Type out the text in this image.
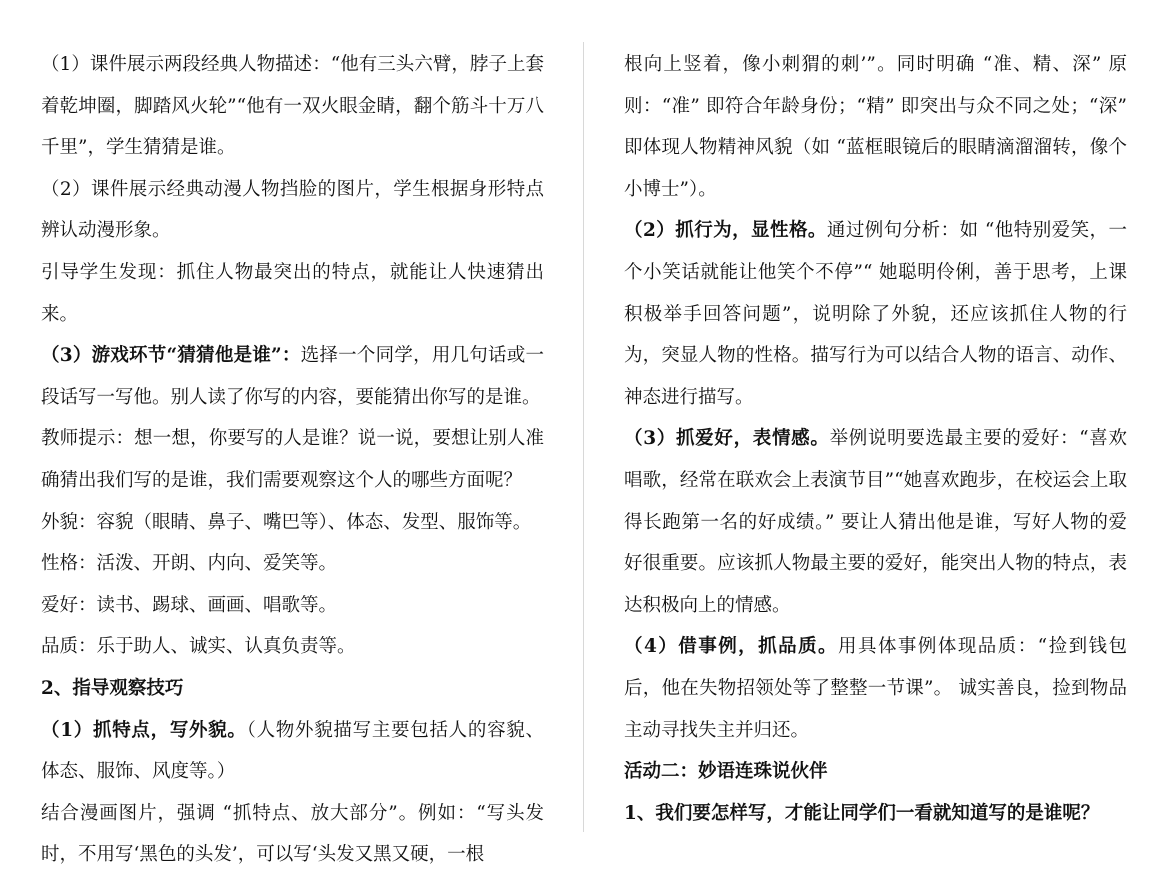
（1）课件展示两段经典人物描述：“他有三头六臂，脖子上套着乾坤圈，脚踏风火轮”“他有一双火眼金睛，翻个筋斗十万八千里”，学生猜猜是谁。

（2）课件展示经典动漫人物挡脸的图片，学生根据身形特点辨认动漫形象。

引导学生发现：抓住人物最突出的特点，就能让人快速猜出来。

（3）游戏环节“猜猜他是谁”：选择一个同学，用几句话或一段话写一写他。别人读了你写的内容，要能猜出你写的是谁。

教师提示：想一想，你要写的人是谁？说一说，要想让别人准确猜出我们写的是谁，我们需要观察这个人的哪些方面呢？

外貌：容貌（眼睛、鼻子、嘴巴等）、体态、发型、服饰等。

性格：活泼、开朗、内向、爱笑等。

爱好：读书、踢球、画画、唱歌等。

品质：乐于助人、诚实、认真负责等。

2、指导观察技巧

（1）抓特点，写外貌。（人物外貌描写主要包括人的容貌、体态、服饰、风度等。）

结合漫画图片，强调 “抓特点、放大部分”。例如：“写头发时，不用写‘黑色的头发’，可以写‘头发又黑又硬，一根

根向上竖着，像小刺猬的刺’”。同时明确 “准、精、深” 原则：“准” 即符合年龄身份；“精” 即突出与众不同之处；“深” 即体现人物精神风貌（如 “蓝框眼镜后的眼睛滴溜溜转，像个小博士”）。

（2）抓行为，显性格。通过例句分析：如 “他特别爱笑，一个小笑话就能让他笑个不停”“ 她聪明伶俐，善于思考，上课积极举手回答问题”，说明除了外貌，还应该抓住人物的行为，突显人物的性格。描写行为可以结合人物的语言、动作、神态进行描写。

（3）抓爱好，表情感。举例说明要选最主要的爱好：“喜欢唱歌，经常在联欢会上表演节目”“她喜欢跑步，在校运会上取得长跑第一名的好成绩。” 要让人猜出他是谁，写好人物的爱好很重要。应该抓人物最主要的爱好，能突出人物的特点，表达积极向上的情感。

（4）借事例，抓品质。用具体事例体现品质：“捡到钱包后，他在失物招领处等了整整一节课”。 诚实善良，捡到物品主动寻找失主并归还。

活动二：妙语连珠说伙伴

1、我们要怎样写，才能让同学们一看就知道写的是谁呢？
